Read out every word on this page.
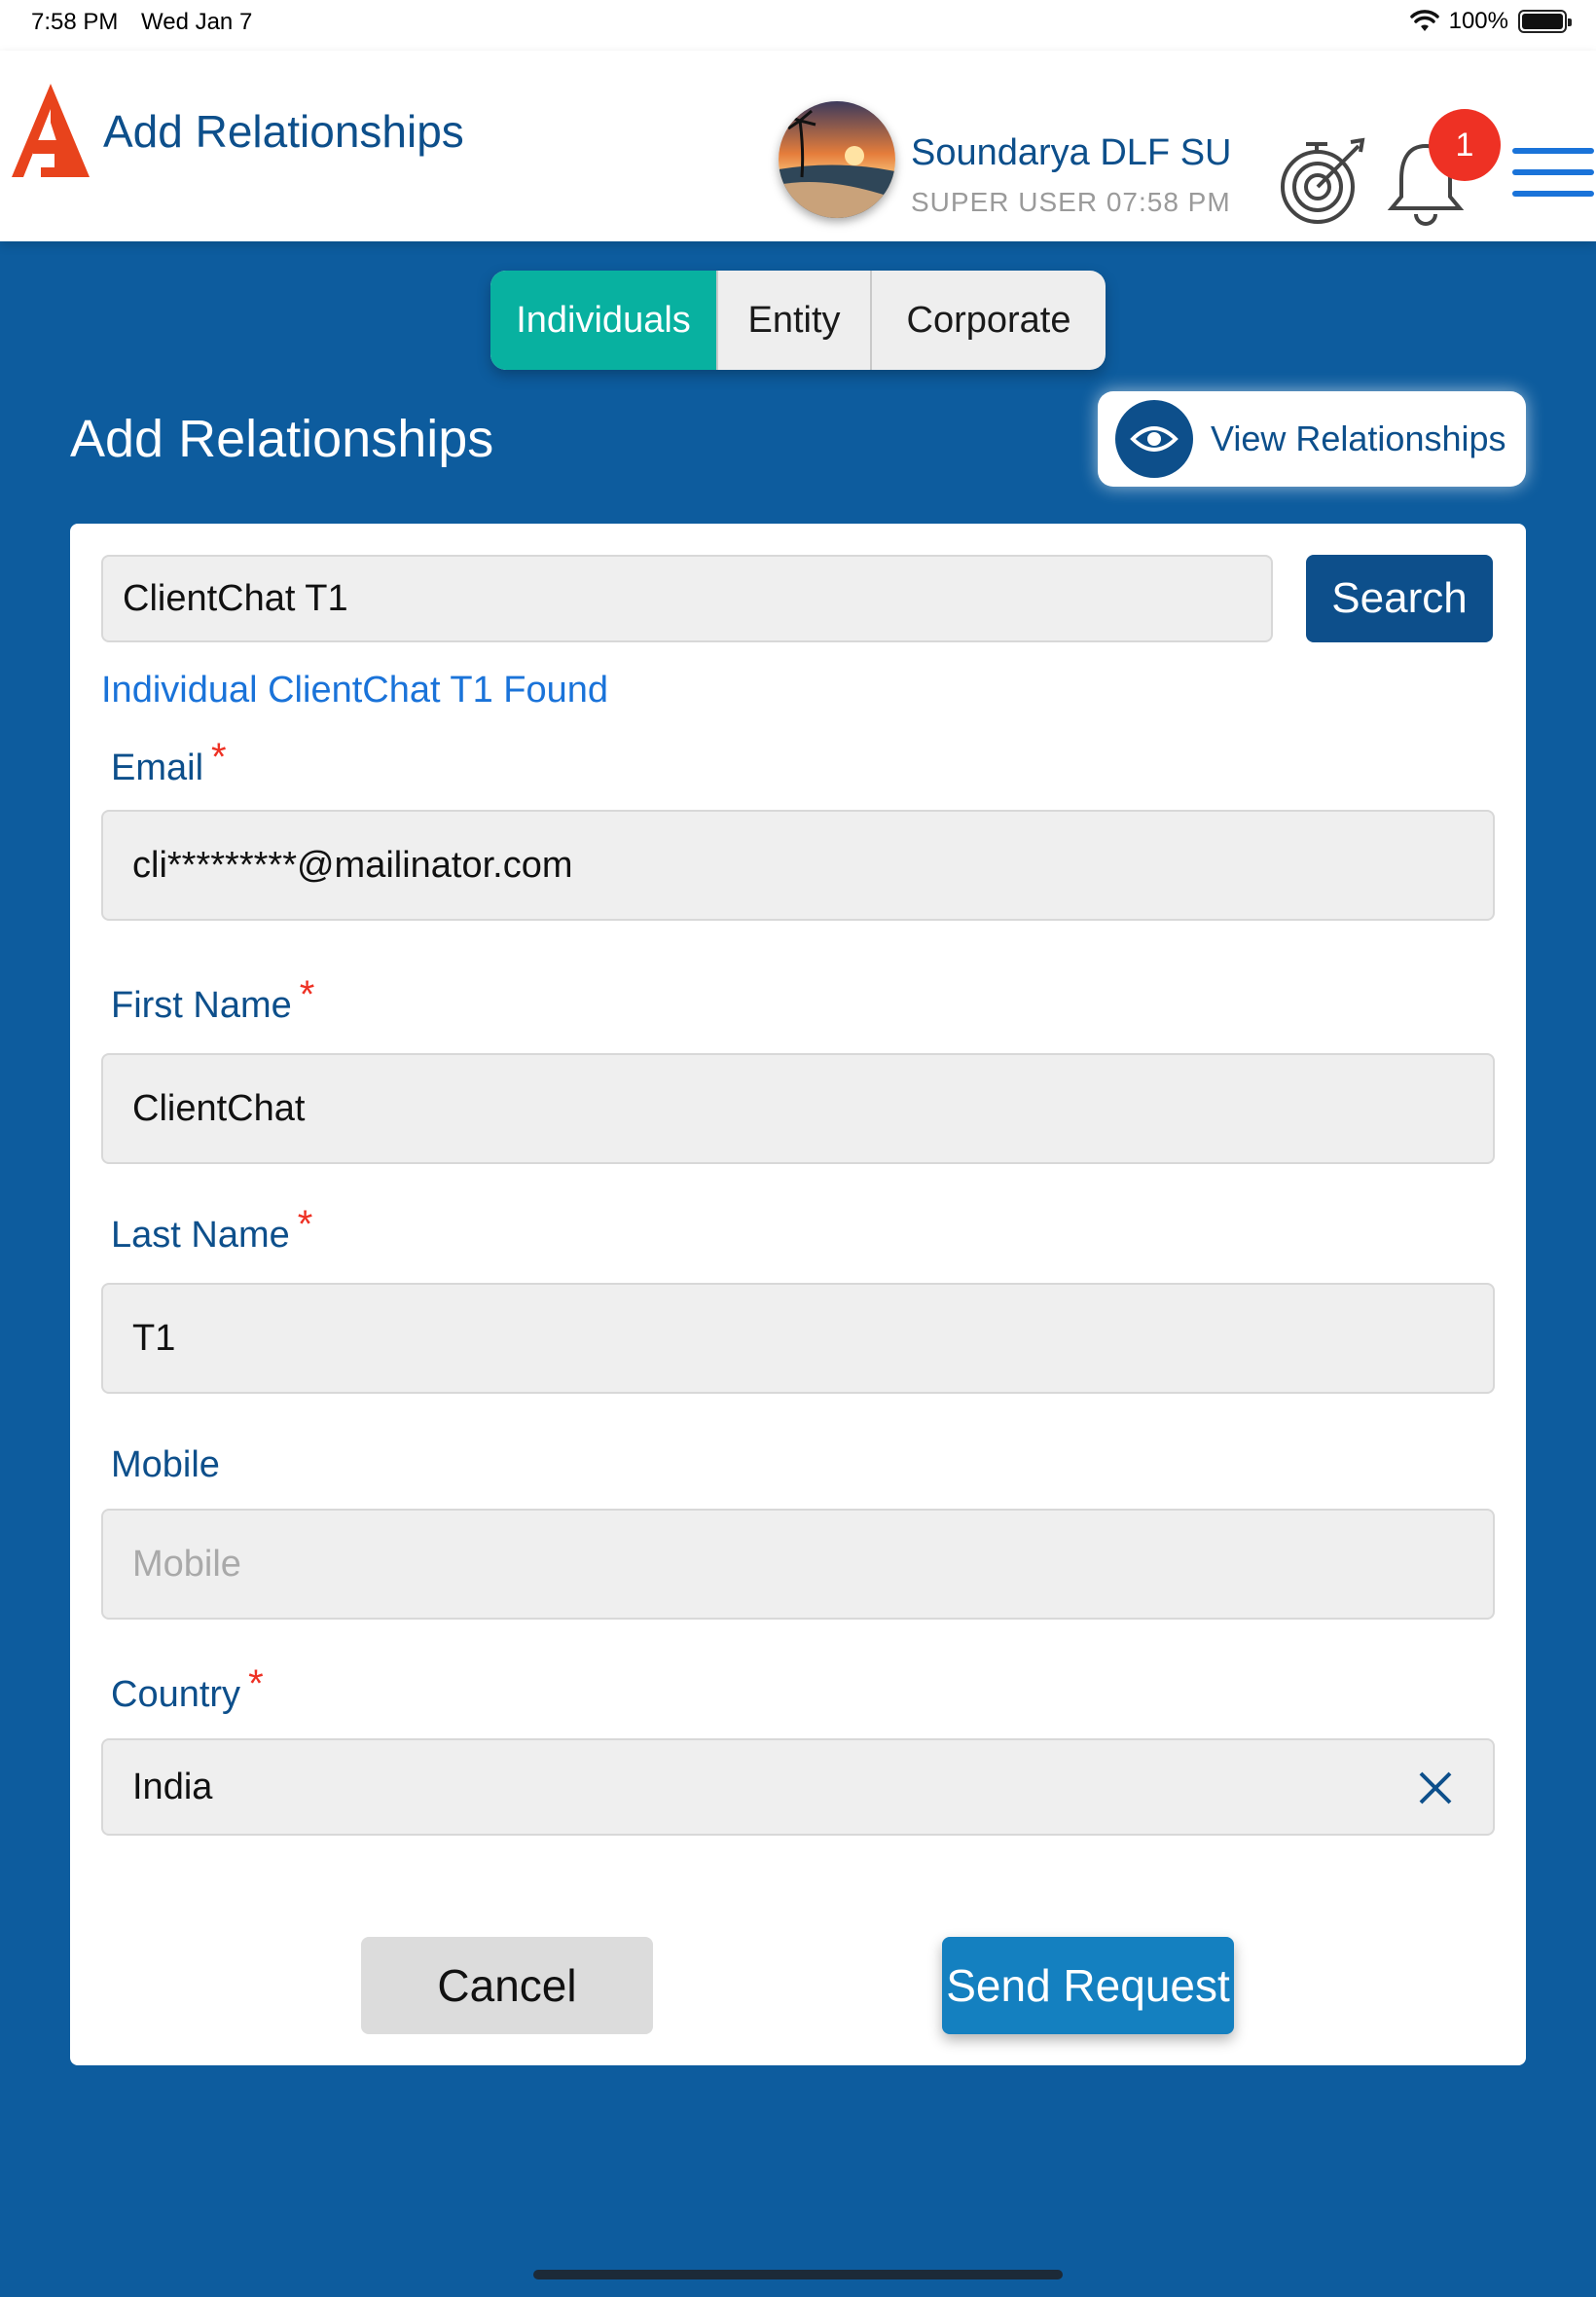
7:58 PM Wed Jan 7	100%
Add Relationships	Soundarya DLF SU
SUPER USER 07:58 PM
1
Individuals	Entity	Corporate
Add Relationships	View Relationships
ClientChat T1	Search
Individual ClientChat T1 Found
Email *
cli*********@mailinator.com
First Name *
ClientChat
Last Name *
T1
Mobile
Mobile
Country *
India
Cancel	Send Request
